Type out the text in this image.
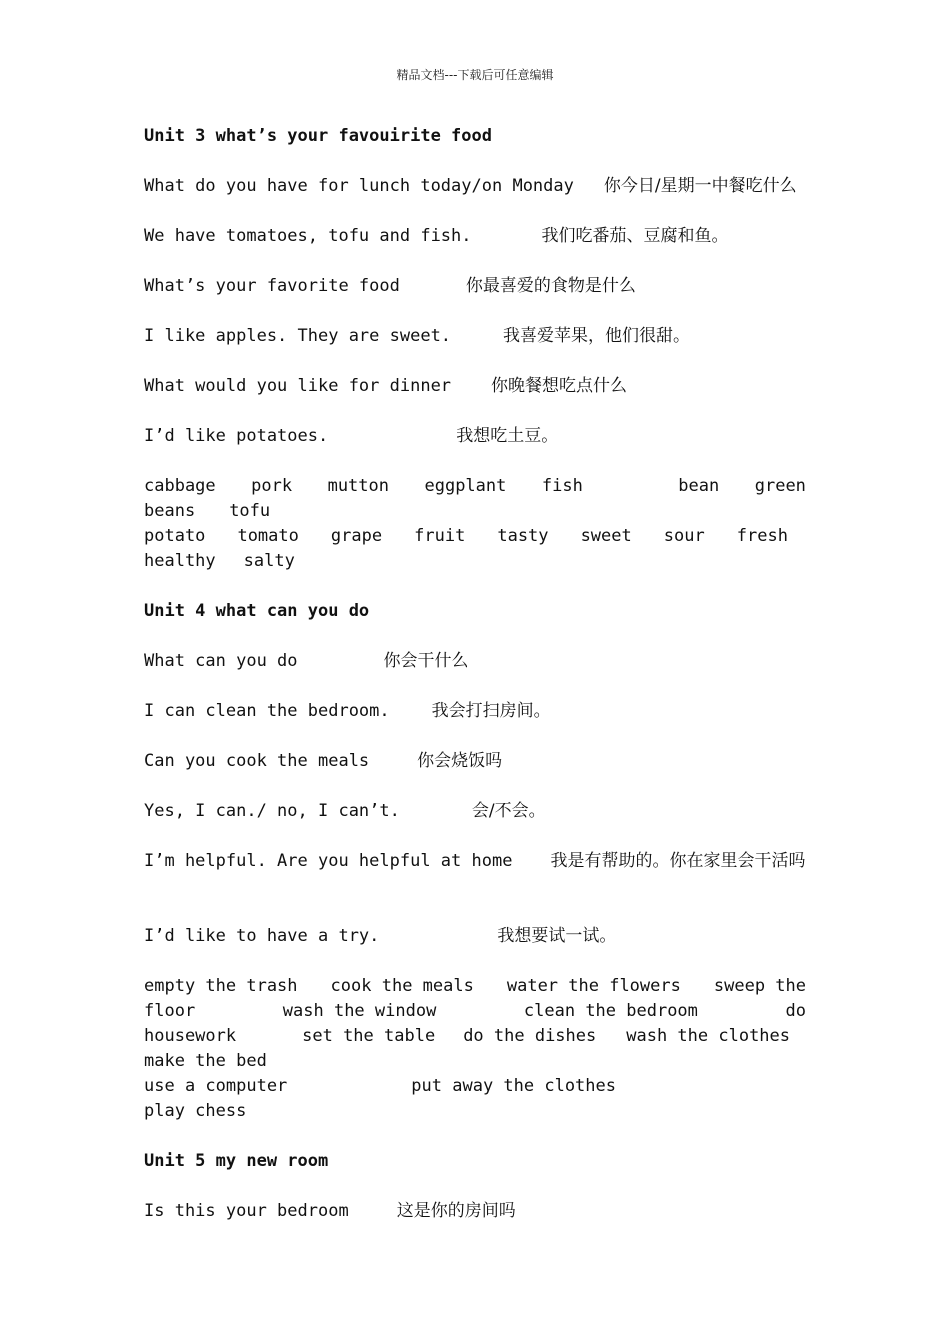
精品文档---下载后可任意编辑
Unit 3 what’s your favouirite food
What do you have for lunch today/on Monday 你今日/星期一中餐吃什么
We have tomatoes, tofu and fish.	我们吃番茄、豆腐和鱼。
What’s your favorite food	你最喜爱的食物是什么
I like apples. They are sweet.	我喜爱苹果，他们很甜。
What would you like for dinner 你晚餐想吃点什么
I’d like potatoes.	我想吃土豆。
cabbage pork mutton eggplant fish	bean green
beans tofu
potato tomato grape fruit tasty sweet sour fresh
healthy salty
Unit 4 what can you do
What can you do	你会干什么
I can clean the bedroom. 我会打扫房间。
Can you cook the meals	你会烧饭吗
Yes, I can./ no, I can’t.	会/不会。
I’m helpful. Are you helpful at home 我是有帮助的。你在家里会干活吗
I’d like to have a try.	我想要试一试。
empty the trash cook the meals water the flowers sweep the
floor	wash the window	clean the bedroom	do
housework	set the table do the dishes wash the clothes
make the bed
use a computer	put away the clothes
play chess
Unit 5 my new room
Is this your bedroom	这是你的房间吗
